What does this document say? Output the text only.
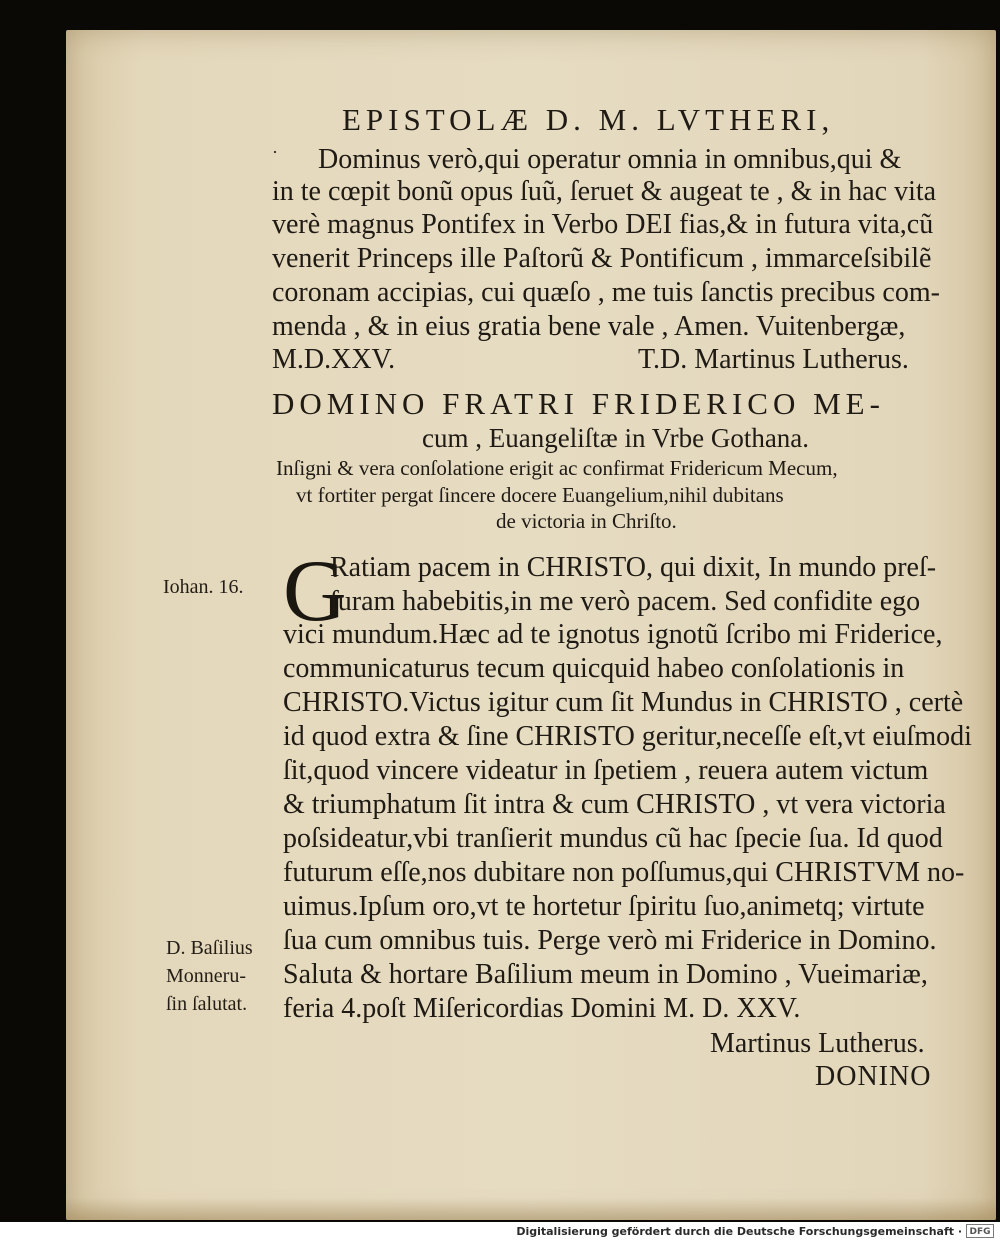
EPISTOLÆ D. M. LVTHERI,
· Dominus verò,qui operatur omnia in omnibus,qui &
in te cœpit bonũ opus ſuũ, ſeruet & augeat te , & in hac vita
verè magnus Pontifex in Verbo DEI fias,& in futura vita,cũ
venerit Princeps ille Paſtorũ & Pontificum , immarceſsibilẽ
coronam accipias, cui quæſo , me tuis ſanctis precibus com-
menda , & in eius gratia bene vale , Amen. Vuitenbergæ,
M.D.XXV.	T.D. Martinus Lutherus.
DOMINO FRATRI FRIDERICO ME-
cum , Euangeliſtæ in Vrbe Gothana.
Inſigni & vera conſolatione erigit ac confirmat Fridericum Mecum,
vt fortiter pergat ſincere docere Euangelium,nihil dubitans
de victoria in Chriſto.
G
Ratiam pacem in CHRISTO, qui dixit, In mundo preſ-
ſuram habebitis,in me verò pacem. Sed confidite ego
vici mundum.Hæc ad te ignotus ignotũ ſcribo mi Friderice,
communicaturus tecum quicquid habeo conſolationis in
CHRISTO.Victus igitur cum ſit Mundus in CHRISTO , certè
id quod extra & ſine CHRISTO geritur,neceſſe eſt,vt eiuſmodi
ſit,quod vincere videatur in ſpetiem , reuera autem victum
& triumphatum ſit intra & cum CHRISTO , vt vera victoria
poſsideatur,vbi tranſierit mundus cũ hac ſpecie ſua. Id quod
futurum eſſe,nos dubitare non poſſumus,qui CHRISTVM no-
uimus.Ipſum oro,vt te hortetur ſpiritu ſuo,animetq; virtute
ſua cum omnibus tuis. Perge verò mi Friderice in Domino.
Saluta & hortare Baſilium meum in Domino , Vueimariæ,
feria 4.poſt Miſericordias Domini M. D. XXV.
Martinus Lutherus.
DONINO
Iohan. 16.
D. Baſilius
Monneru-
ſin ſalutat.
Digitalisierung gefördert durch die Deutsche Forschungsgemeinschaft · DFG
